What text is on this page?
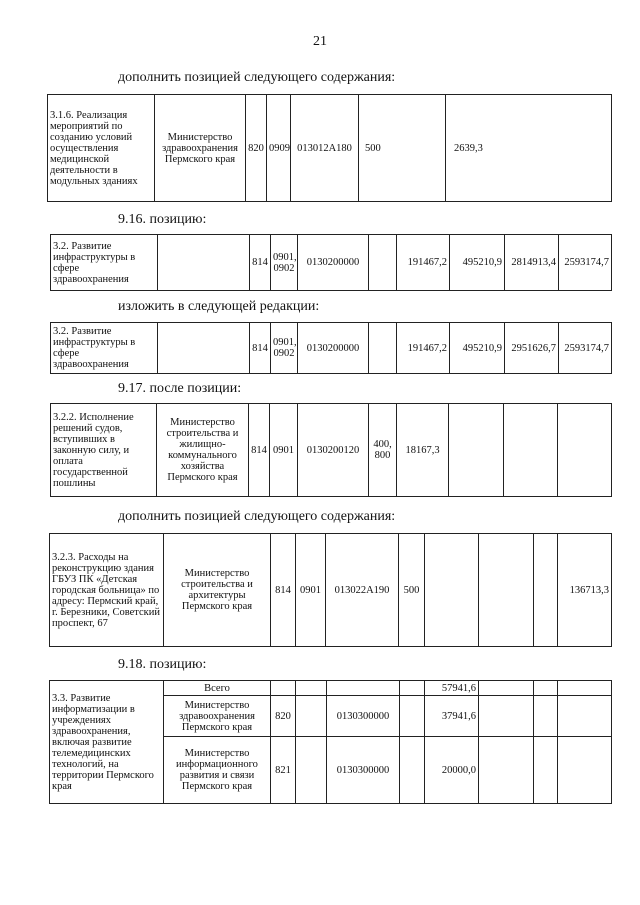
21
дополнить позицией следующего содержания:
3.1.6. Реализация мероприятий по созданию условий осуществления медицинской деятельности в модульных зданиях	Министерство здравоохранения Пермского края	820	0909	013012А180	500	2639,3
9.16. позицию:
3.2. Развитие инфраструктуры в сфере здравоохранения		814	0901, 0902	0130200000		191467,2	495210,9	2814913,4	2593174,7
изложить в следующей редакции:
3.2. Развитие инфраструктуры в сфере здравоохранения		814	0901, 0902	0130200000		191467,2	495210,9	2951626,7	2593174,7
9.17. после позиции:
3.2.2. Исполнение решений судов, вступивших в законную силу, и оплата государственной пошлины	Министерство строительства и жилищно-коммунального хозяйства Пермского края	814	0901	0130200120	400, 800	18167,3			
дополнить позицией следующего содержания:
3.2.3. Расходы на реконструкцию здания ГБУЗ ПК «Детская городская больница» по адресу: Пермский край, г. Березники, Советский проспект, 67	Министерство строительства и архитектуры Пермского края	814	0901	013022А190	500				136713,3
9.18. позицию:
3.3. Развитие информатизации в учреждениях здравоохранения, включая развитие телемедицинских технологий, на территории Пермского края	Всего					57941,6			
	Министерство здравоохранения Пермского края	820		0130300000		37941,6			
	Министерство информационного развития и связи Пермского края	821		0130300000		20000,0			
